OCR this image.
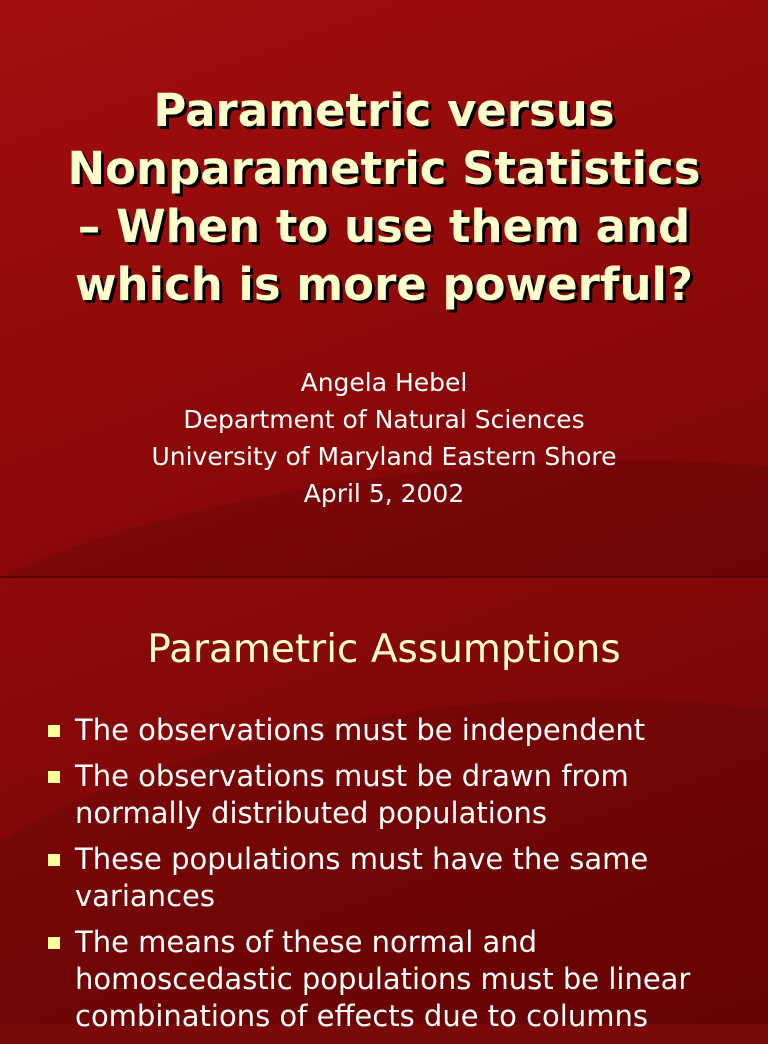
Parametric versus
Nonparametric Statistics
– When to use them and
which is more powerful?
Angela Hebel
Department of Natural Sciences
University of Maryland Eastern Shore
April 5, 2002
Parametric Assumptions
The observations must be independent
The observations must be drawn from normally distributed populations
These populations must have the same variances
The means of these normal and homoscedastic populations must be linear combinations of effects due to columns
